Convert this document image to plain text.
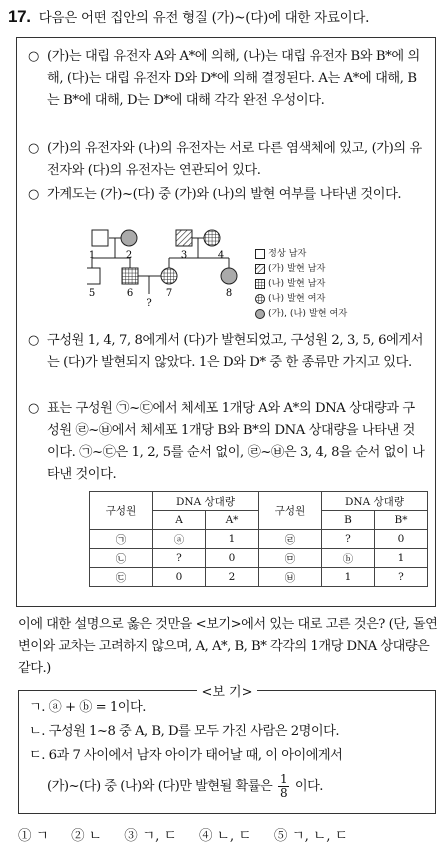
17. 다음은 어떤 집안의 유전 형질 (가)~(다)에 대한 자료이다.
○ (가)는 대립 유전자 A와 A*에 의해, (나)는 대립 유전자 B와 B*에 의해, (다)는 대립 유전자 D와 D*에 의해 결정된다. A는 A*에 대해, B는 B*에 대해, D는 D*에 대해 각각 완전 우성이다.
○ (가)의 유전자와 (나)의 유전자는 서로 다른 염색체에 있고, (가)의 유전자와 (다)의 유전자는 연관되어 있다.
○ 가계도는 (가)~(다) 중 (가)와 (나)의 발현 여부를 나타낸 것이다.
1	2	3	4
5	6	7	8
?
정상 남자
(가) 발현 남자
(나) 발현 남자
(나) 발현 여자
(가), (나) 발현 여자
○ 구성원 1, 4, 7, 8에게서 (다)가 발현되었고, 구성원 2, 3, 5, 6에게서는 (다)가 발현되지 않았다. 1은 D와 D* 중 한 종류만 가지고 있다.
○ 표는 구성원 ㉠~㉢에서 체세포 1개당 A와 A*의 DNA 상대량과 구성원 ㉣~㉥에서 체세포 1개당 B와 B*의 DNA 상대량을 나타낸 것이다. ㉠~㉢은 1, 2, 5를 순서 없이, ㉣~㉥은 3, 4, 8을 순서 없이 나타낸 것이다.
구성원	DNA 상대량		구성원	DNA 상대량	
	A	A*		B	B*
㉠	ⓐ	1	㉣	?	0
㉡	?	0	㉤	ⓑ	1
㉢	0	2	㉥	1	?
이에 대한 설명으로 옳은 것만을 <보기>에서 있는 대로 고른 것은? (단, 돌연변이와 교차는 고려하지 않으며, A, A*, B, B* 각각의 1개당 DNA 상대량은 같다.)
<보 기>
ㄱ. ⓐ + ⓑ = 1이다.
ㄴ. 구성원 1~8 중 A, B, D를 모두 가진 사람은 2명이다.
ㄷ. 6과 7 사이에서 남자 아이가 태어날 때, 이 아이에게서
(가)~(다) 중 (나)와 (다)만 발현될 확률은 $\frac{1}{8}$ 이다.
① ㄱ ② ㄴ ③ ㄱ, ㄷ ④ ㄴ, ㄷ ⑤ ㄱ, ㄴ, ㄷ
